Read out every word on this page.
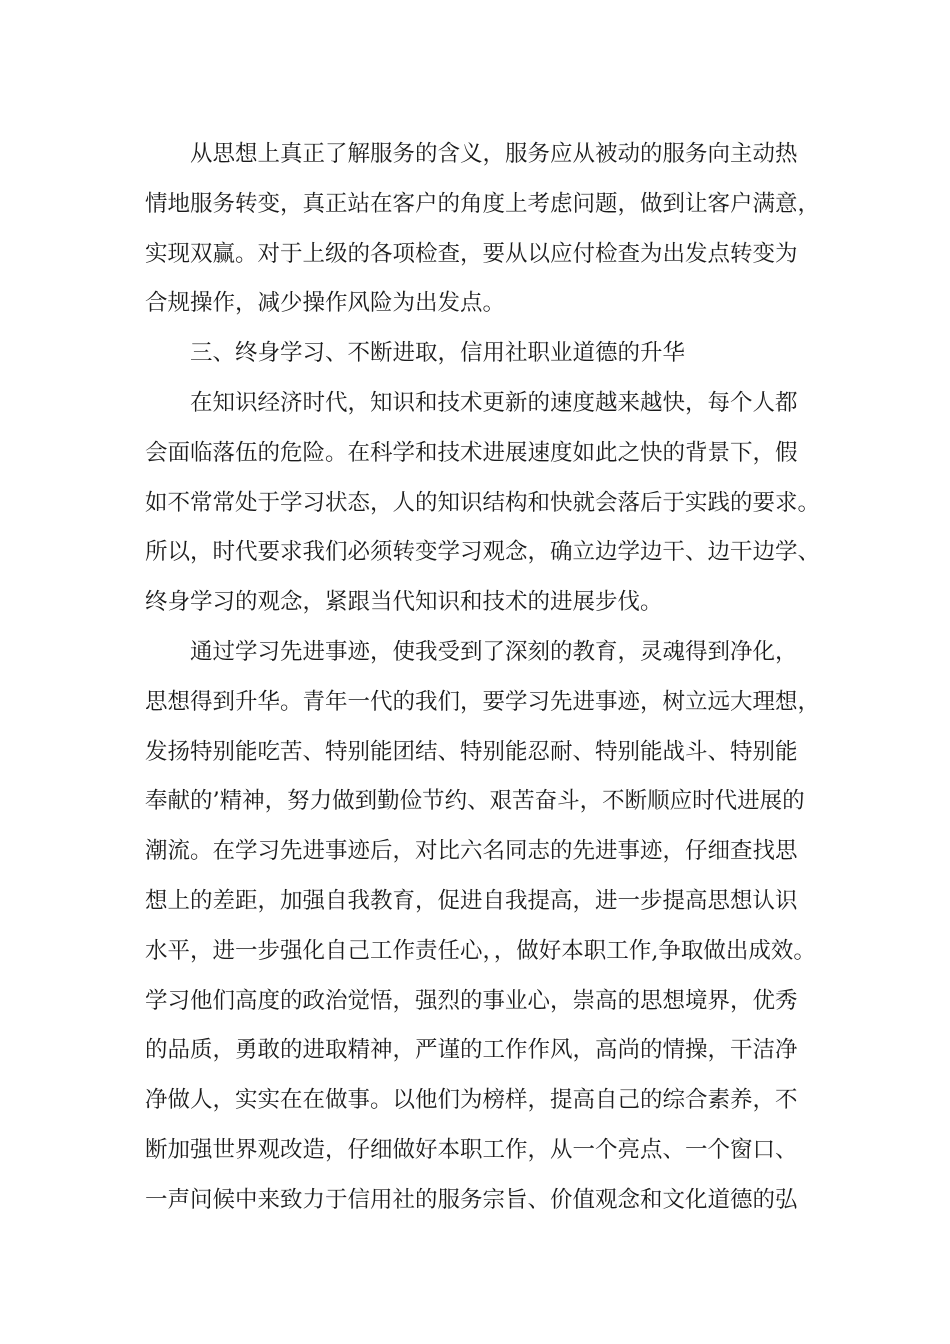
从思想上真正了解服务的含义，服务应从被动的服务向主动热

情地服务转变，真正站在客户的角度上考虑问题，做到让客户满意，

实现双赢。对于上级的各项检查，要从以应付检查为出发点转变为

合规操作，减少操作风险为出发点。

三、终身学习、不断进取，信用社职业道德的升华

在知识经济时代，知识和技术更新的速度越来越快，每个人都

会面临落伍的危险。在科学和技术进展速度如此之快的背景下，假

如不常常处于学习状态，人的知识结构和快就会落后于实践的要求。

所以，时代要求我们必须转变学习观念，确立边学边干、边干边学、

终身学习的观念，紧跟当代知识和技术的进展步伐。

通过学习先进事迹，使我受到了深刻的教育，灵魂得到净化，

思想得到升华。青年一代的我们，要学习先进事迹，树立远大理想，

发扬特别能吃苦、特别能团结、特别能忍耐、特别能战斗、特别能

奉献的’精神，努力做到勤俭节约、艰苦奋斗，不断顺应时代进展的

潮流。在学习先进事迹后，对比六名同志的先进事迹，仔细查找思

想上的差距，加强自我教育，促进自我提高，进一步提高思想认识

水平，进一步强化自己工作责任心，，做好本职工作,争取做出成效。

学习他们高度的政治觉悟，强烈的事业心，崇高的思想境界，优秀

的品质，勇敢的进取精神，严谨的工作作风，高尚的情操，干洁净

净做人，实实在在做事。以他们为榜样，提高自己的综合素养，不

断加强世界观改造，仔细做好本职工作，从一个亮点、一个窗口、

一声问候中来致力于信用社的服务宗旨、价值观念和文化道德的弘
